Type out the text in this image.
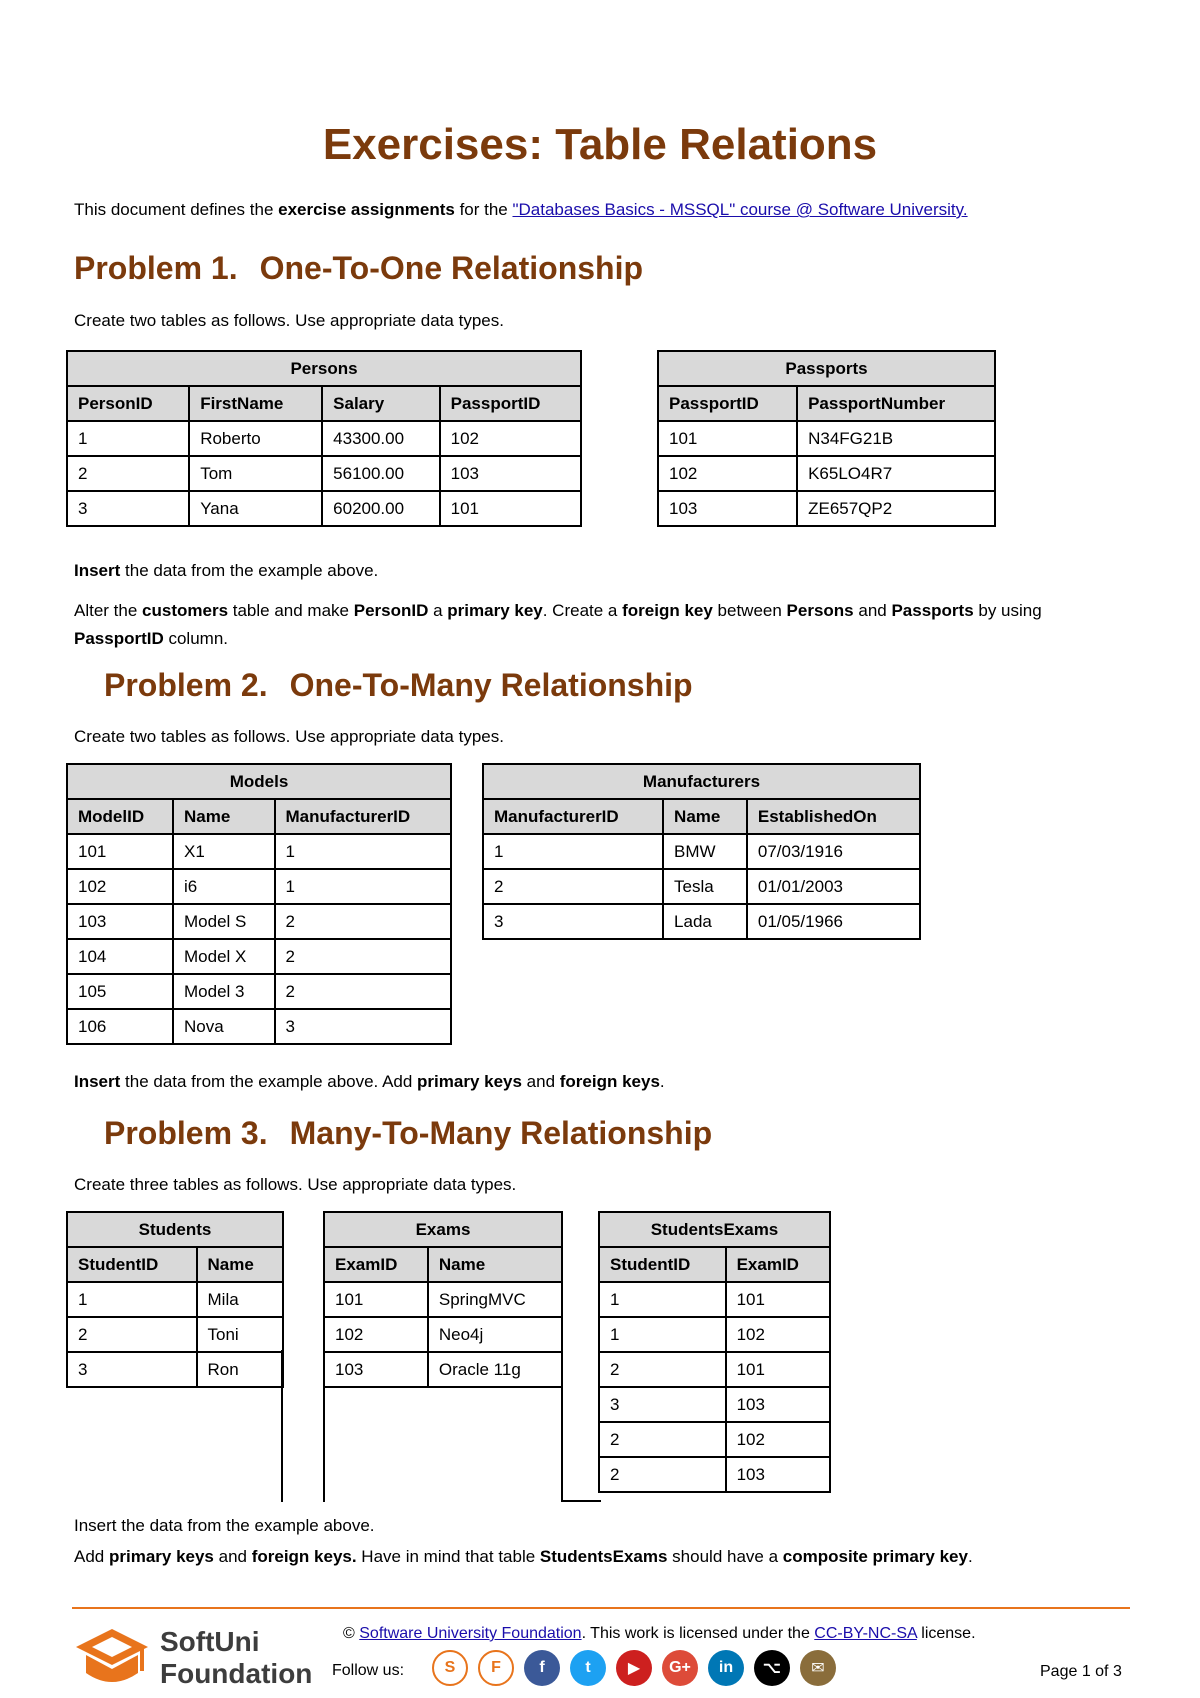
Exercises: Table Relations

This document defines the exercise assignments for the "Databases Basics - MSSQL" course @ Software University.

Problem 1. One-To-One Relationship

Create two tables as follows. Use appropriate data types.

Persons			
PersonID	FirstName	Salary	PassportID
1	Roberto	43300.00	102
2	Tom	56100.00	103
3	Yana	60200.00	101
Passports	
PassportID	PassportNumber
101	N34FG21B
102	K65LO4R7
103	ZE657QP2

Insert the data from the example above.

Alter the customers table and make PersonID a primary key. Create a foreign key between Persons and Passports by using PassportID column.

Problem 2. One-To-Many Relationship

Create two tables as follows. Use appropriate data types.

Models		
ModelID	Name	ManufacturerID
101	X1	1
102	i6	1
103	Model S	2
104	Model X	2
105	Model 3	2
106	Nova	3
Manufacturers		
ManufacturerID	Name	EstablishedOn
1	BMW	07/03/1916
2	Tesla	01/01/2003
3	Lada	01/05/1966

Insert the data from the example above. Add primary keys and foreign keys.

Problem 3. Many-To-Many Relationship

Create three tables as follows. Use appropriate data types.

Students	
StudentID	Name
1	Mila
2	Toni
3	Ron
Exams	
ExamID	Name
101	SpringMVC
102	Neo4j
103	Oracle 11g
StudentsExams	
StudentID	ExamID
1	101
1	102
2	101
3	103
2	102
2	103

Insert the data from the example above.

Add primary keys and foreign keys. Have in mind that table StudentsExams should have a composite primary key.

SoftUni
Foundation
© Software University Foundation. This work is licensed under the CC-BY-NC-SA license.
Follow us:	S	F	f	t	▶	G+	in	⌥	✉	Page 1 of 3
